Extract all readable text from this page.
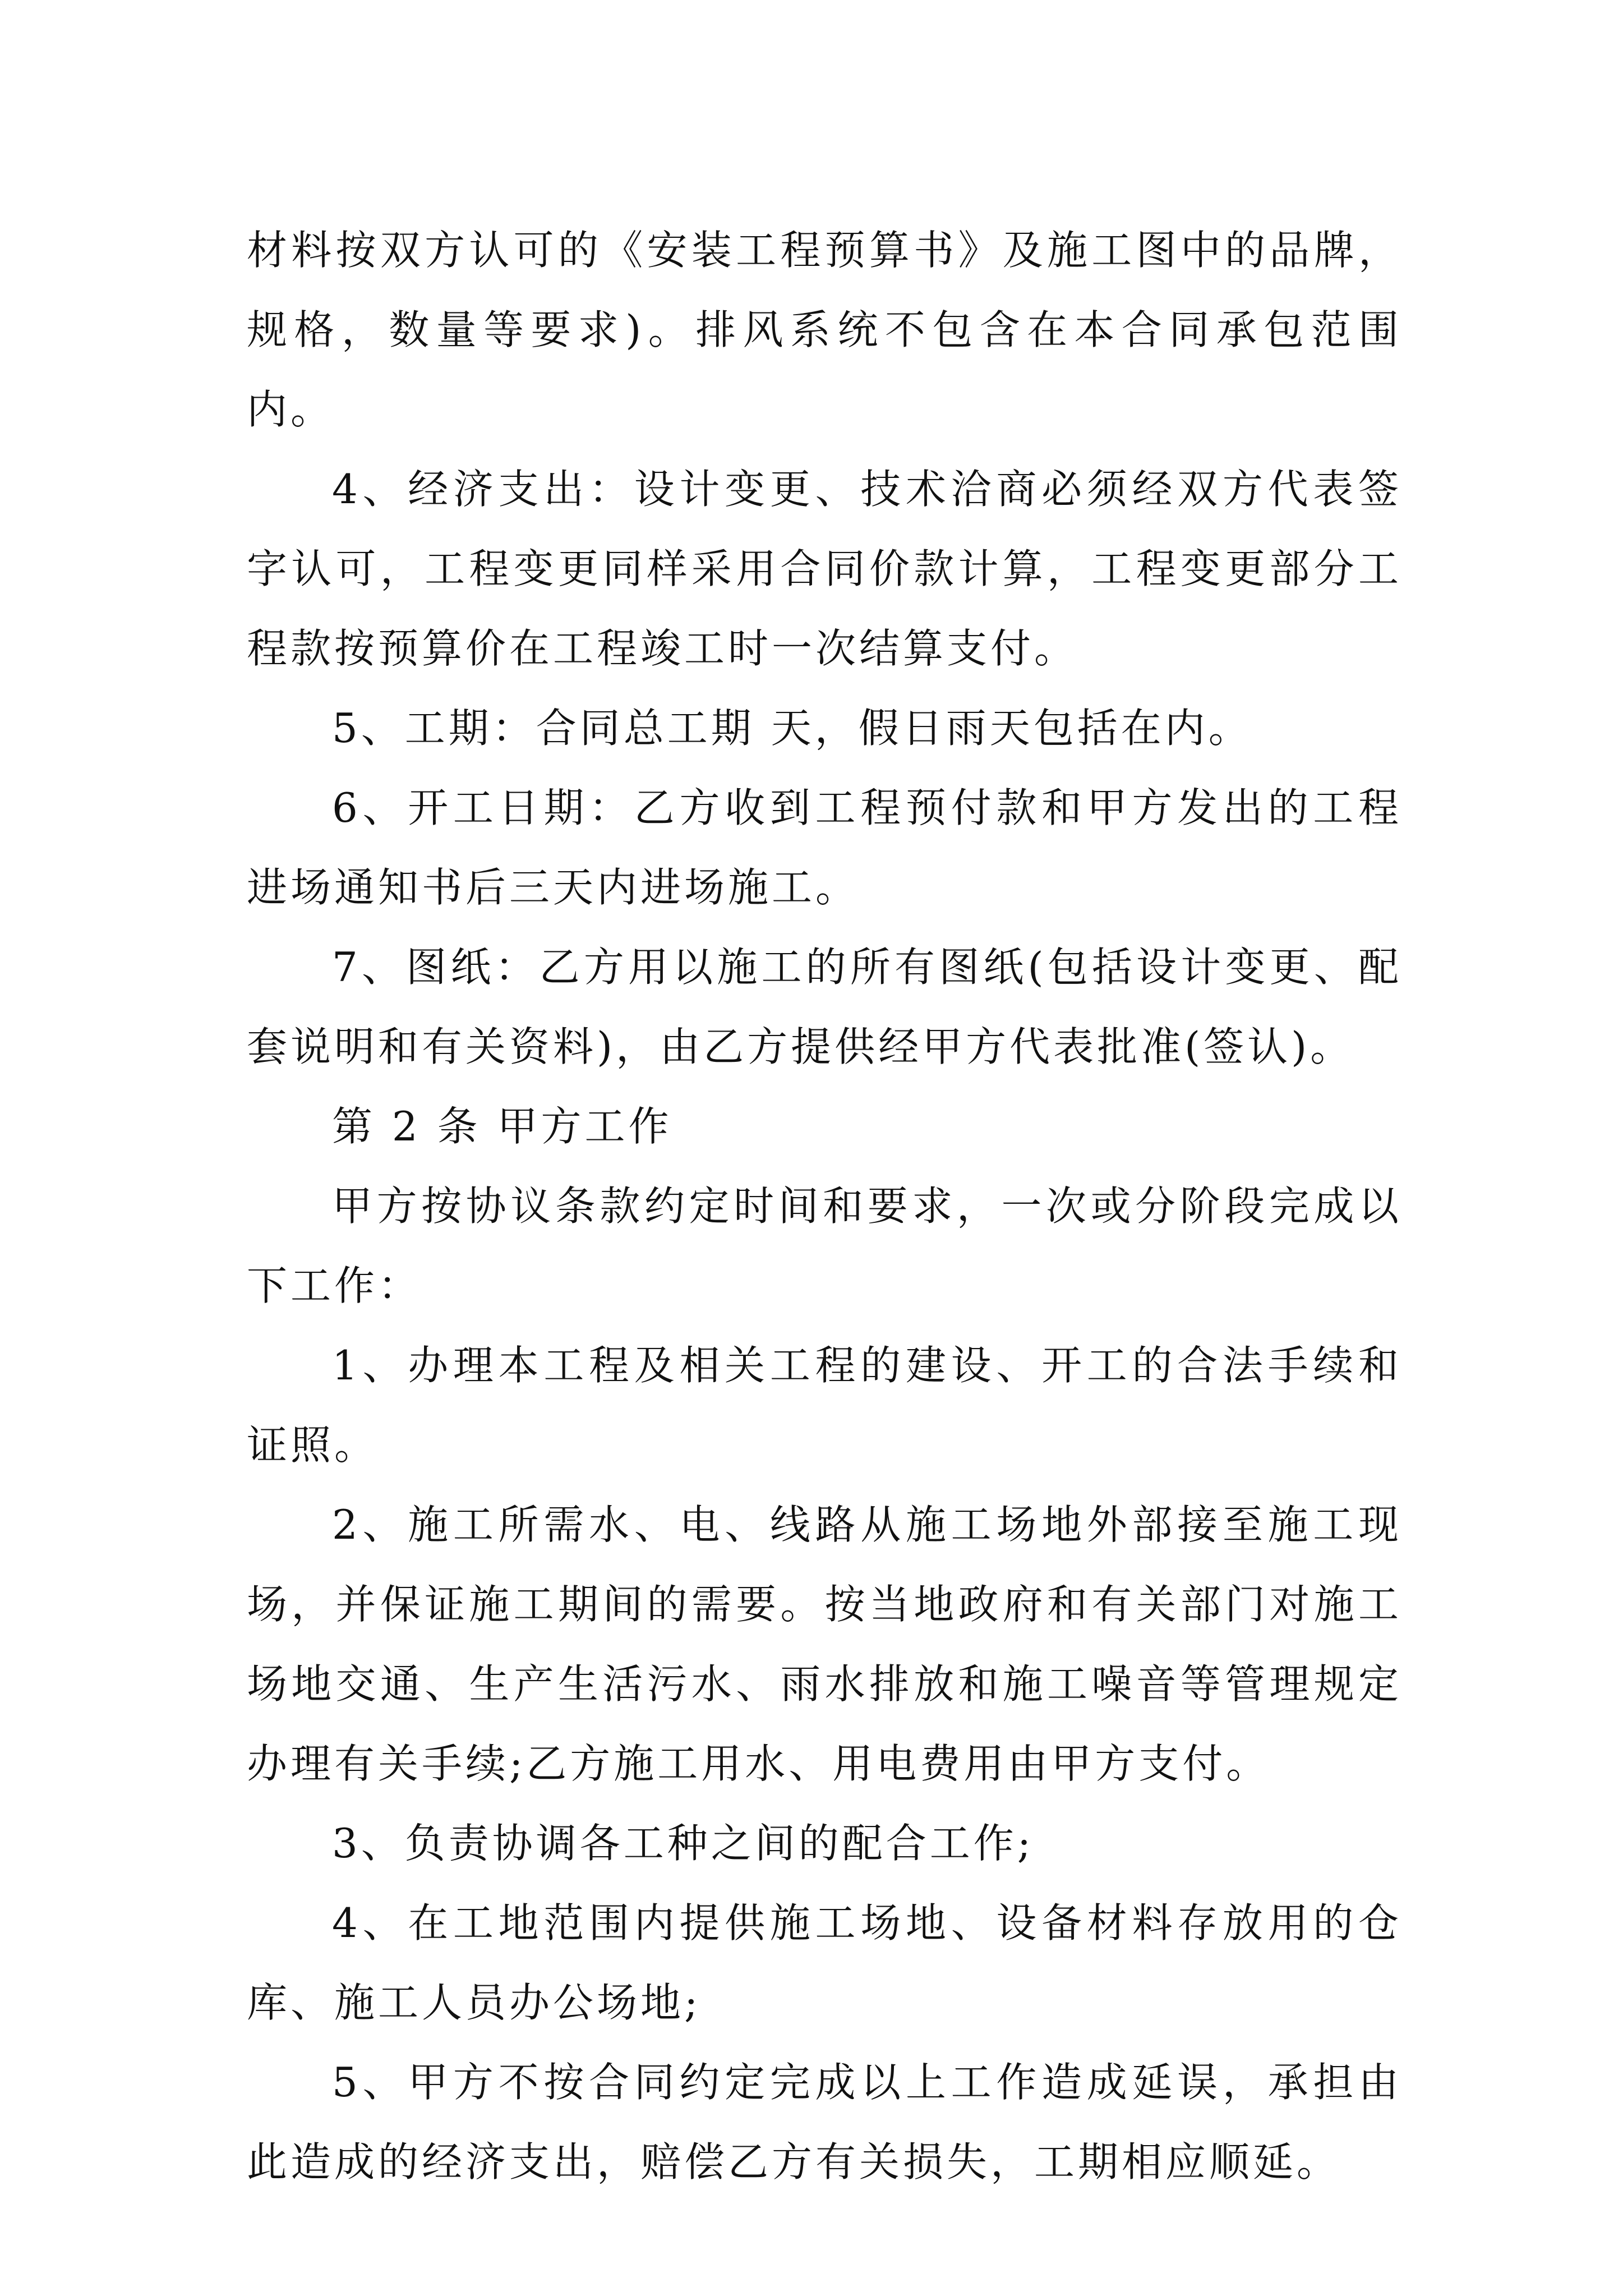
材料按双方认可的《安装工程预算书》及施工图中的品牌，规格，数量等要求)。排风系统不包含在本合同承包范围内。

4、经济支出：设计变更、技术洽商必须经双方代表签字认可，工程变更同样采用合同价款计算，工程变更部分工程款按预算价在工程竣工时一次结算支付。

5、工期：合同总工期 天，假日雨天包括在内。

6、开工日期：乙方收到工程预付款和甲方发出的工程进场通知书后三天内进场施工。

7、图纸：乙方用以施工的所有图纸(包括设计变更、配套说明和有关资料)，由乙方提供经甲方代表批准(签认)。

第 2 条 甲方工作

甲方按协议条款约定时间和要求，一次或分阶段完成以下工作：

1、办理本工程及相关工程的建设、开工的合法手续和证照。

2、施工所需水、电、线路从施工场地外部接至施工现场，并保证施工期间的需要。按当地政府和有关部门对施工场地交通、生产生活污水、雨水排放和施工噪音等管理规定办理有关手续;乙方施工用水、用电费用由甲方支付。

3、负责协调各工种之间的配合工作;

4、在工地范围内提供施工场地、设备材料存放用的仓库、施工人员办公场地;

5、甲方不按合同约定完成以上工作造成延误，承担由此造成的经济支出，赔偿乙方有关损失，工期相应顺延。
